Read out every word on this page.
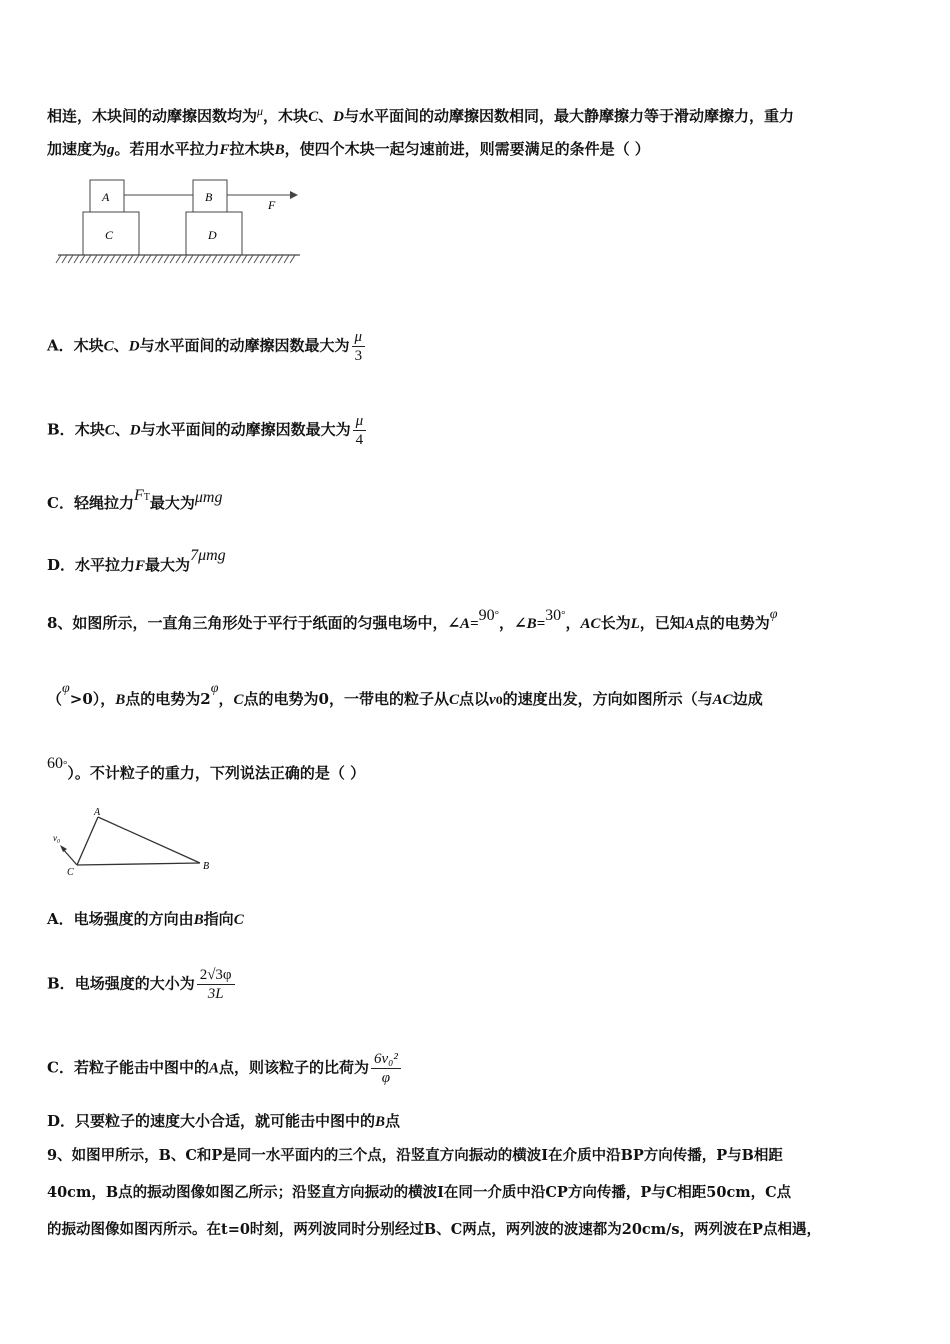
相连，木块间的动摩擦因数均为$^\mu$，木块C、D与水平面间的动摩擦因数相同，最大静摩擦力等于滑动摩擦力，重力
加速度为g。若用水平拉力F拉木块B，使四个木块一起匀速前进，则需要满足的条件是（ ）
A	B
F
C	D
A．木块C、D与水平面间的动摩擦因数最大为 $\frac{\mu}{3}$
B．木块C、D与水平面间的动摩擦因数最大为 $\frac{\mu}{4}$
C．轻绳拉力FT最大为μmg
D．水平拉力F最大为7μmg
8、如图所示，一直角三角形处于平行于纸面的匀强电场中，∠A=90°，∠B=30°，AC长为L，已知A点的电势为φ
（φ>0），B点的电势为2φ，C点的电势为0，一带电的粒子从C点以v0的速度出发，方向如图所示（与AC边成
60°）。不计粒子的重力，下列说法正确的是（ ）
A
B
C
v₀
A．电场强度的方向由B指向C
B．电场强度的大小为 $\frac{2√3\varphi}{3L}$
C．若粒子能击中图中的A点，则该粒子的比荷为 $\frac{\text{6v₀²}}{\varphi}$
D．只要粒子的速度大小合适，就可能击中图中的B点
9、如图甲所示，B、C和P是同一水平面内的三个点，沿竖直方向振动的横波Ⅰ在介质中沿BP方向传播，P与B相距
40cm，B点的振动图像如图乙所示；沿竖直方向振动的横波Ⅰ在同一介质中沿CP方向传播，P与C相距50cm，C点
的振动图像如图丙所示。在t=0时刻，两列波同时分别经过B、C两点，两列波的波速都为20cm/s，两列波在P点相遇，
